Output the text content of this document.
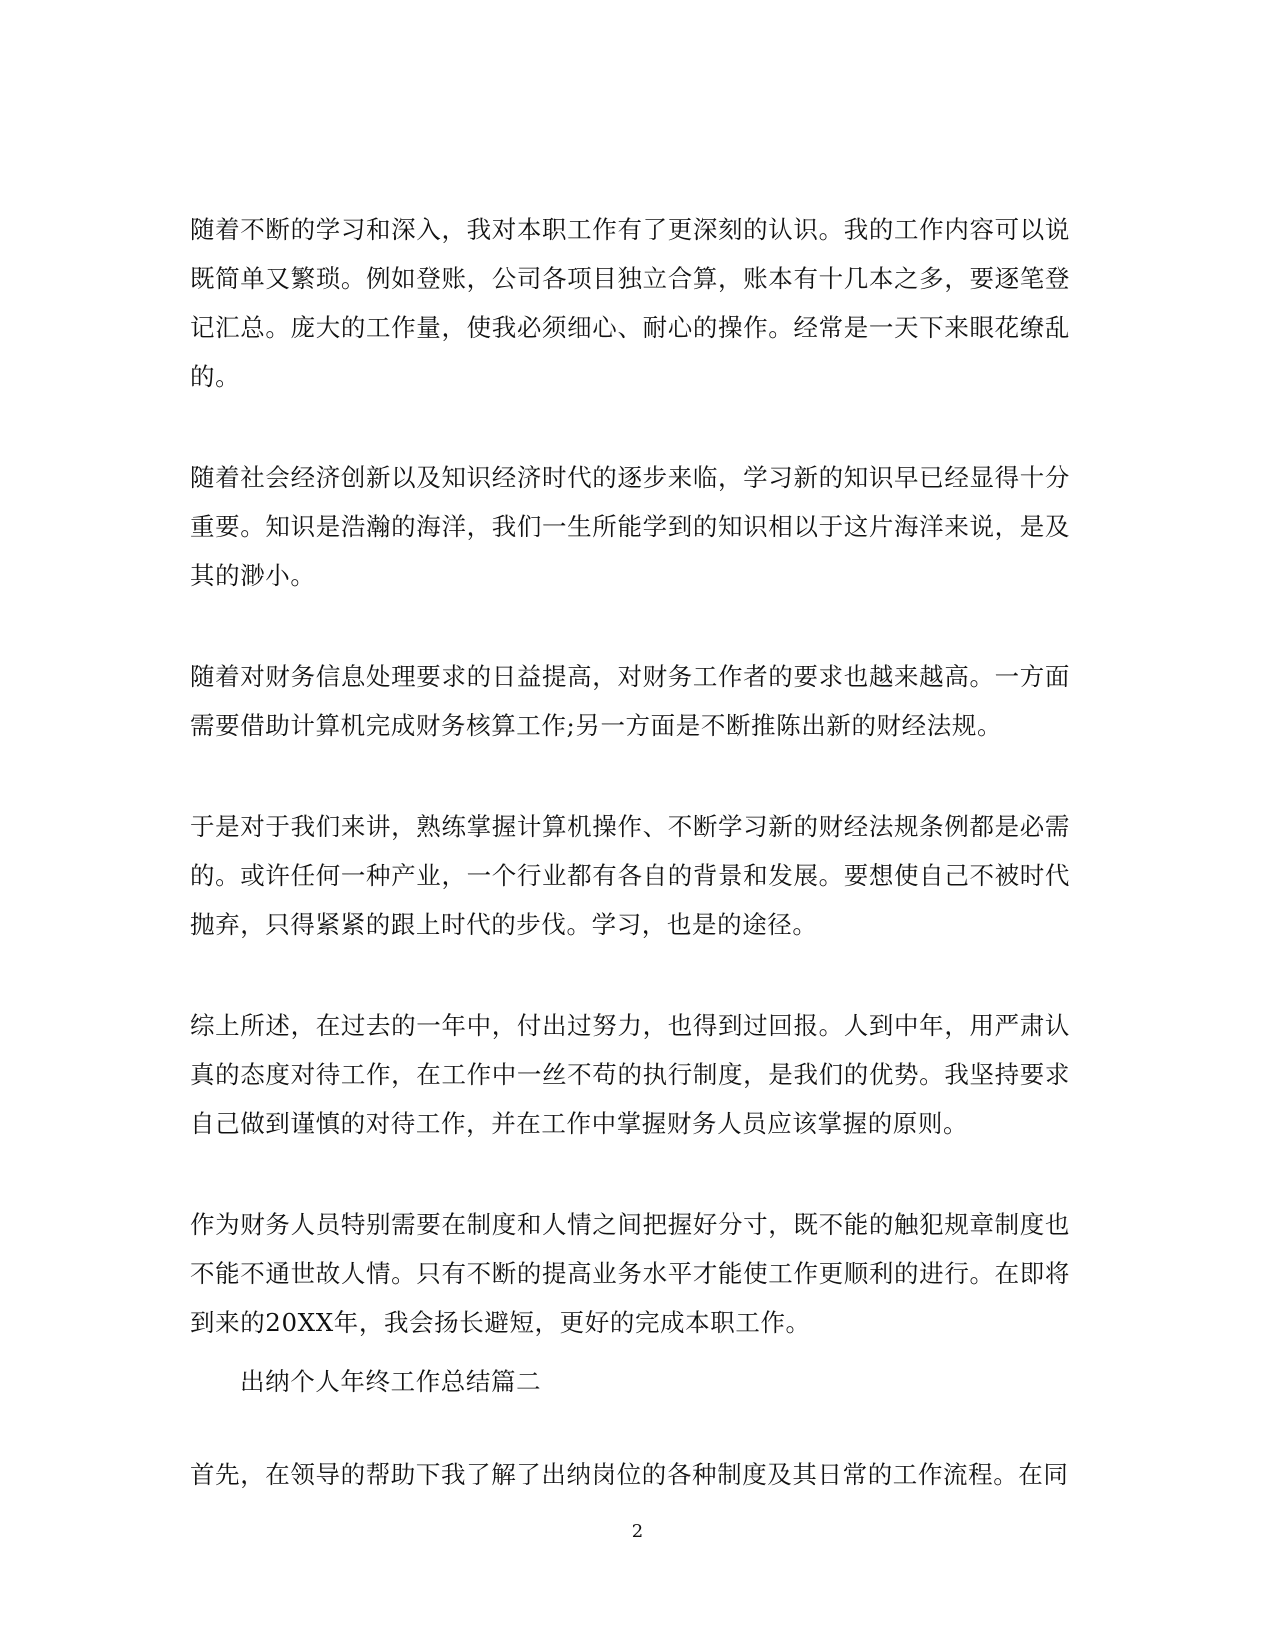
随着不断的学习和深入，我对本职工作有了更深刻的认识。我的工作内容可以说既简单又繁琐。例如登账，公司各项目独立合算，账本有十几本之多，要逐笔登记汇总。庞大的工作量，使我必须细心、耐心的操作。经常是一天下来眼花缭乱的。

随着社会经济创新以及知识经济时代的逐步来临，学习新的知识早已经显得十分重要。知识是浩瀚的海洋，我们一生所能学到的知识相以于这片海洋来说，是及其的渺小。

随着对财务信息处理要求的日益提高，对财务工作者的要求也越来越高。一方面需要借助计算机完成财务核算工作;另一方面是不断推陈出新的财经法规。

于是对于我们来讲，熟练掌握计算机操作、不断学习新的财经法规条例都是必需的。或许任何一种产业，一个行业都有各自的背景和发展。要想使自己不被时代抛弃，只得紧紧的跟上时代的步伐。学习，也是的途径。

综上所述，在过去的一年中，付出过努力，也得到过回报。人到中年，用严肃认真的态度对待工作，在工作中一丝不苟的执行制度，是我们的优势。我坚持要求自己做到谨慎的对待工作，并在工作中掌握财务人员应该掌握的原则。

作为财务人员特别需要在制度和人情之间把握好分寸，既不能的触犯规章制度也不能不通世故人情。只有不断的提高业务水平才能使工作更顺利的进行。在即将到来的20XX年，我会扬长避短，更好的完成本职工作。

出纳个人年终工作总结篇二

首先，在领导的帮助下我了解了出纳岗位的各种制度及其日常的工作流程。在同

2
